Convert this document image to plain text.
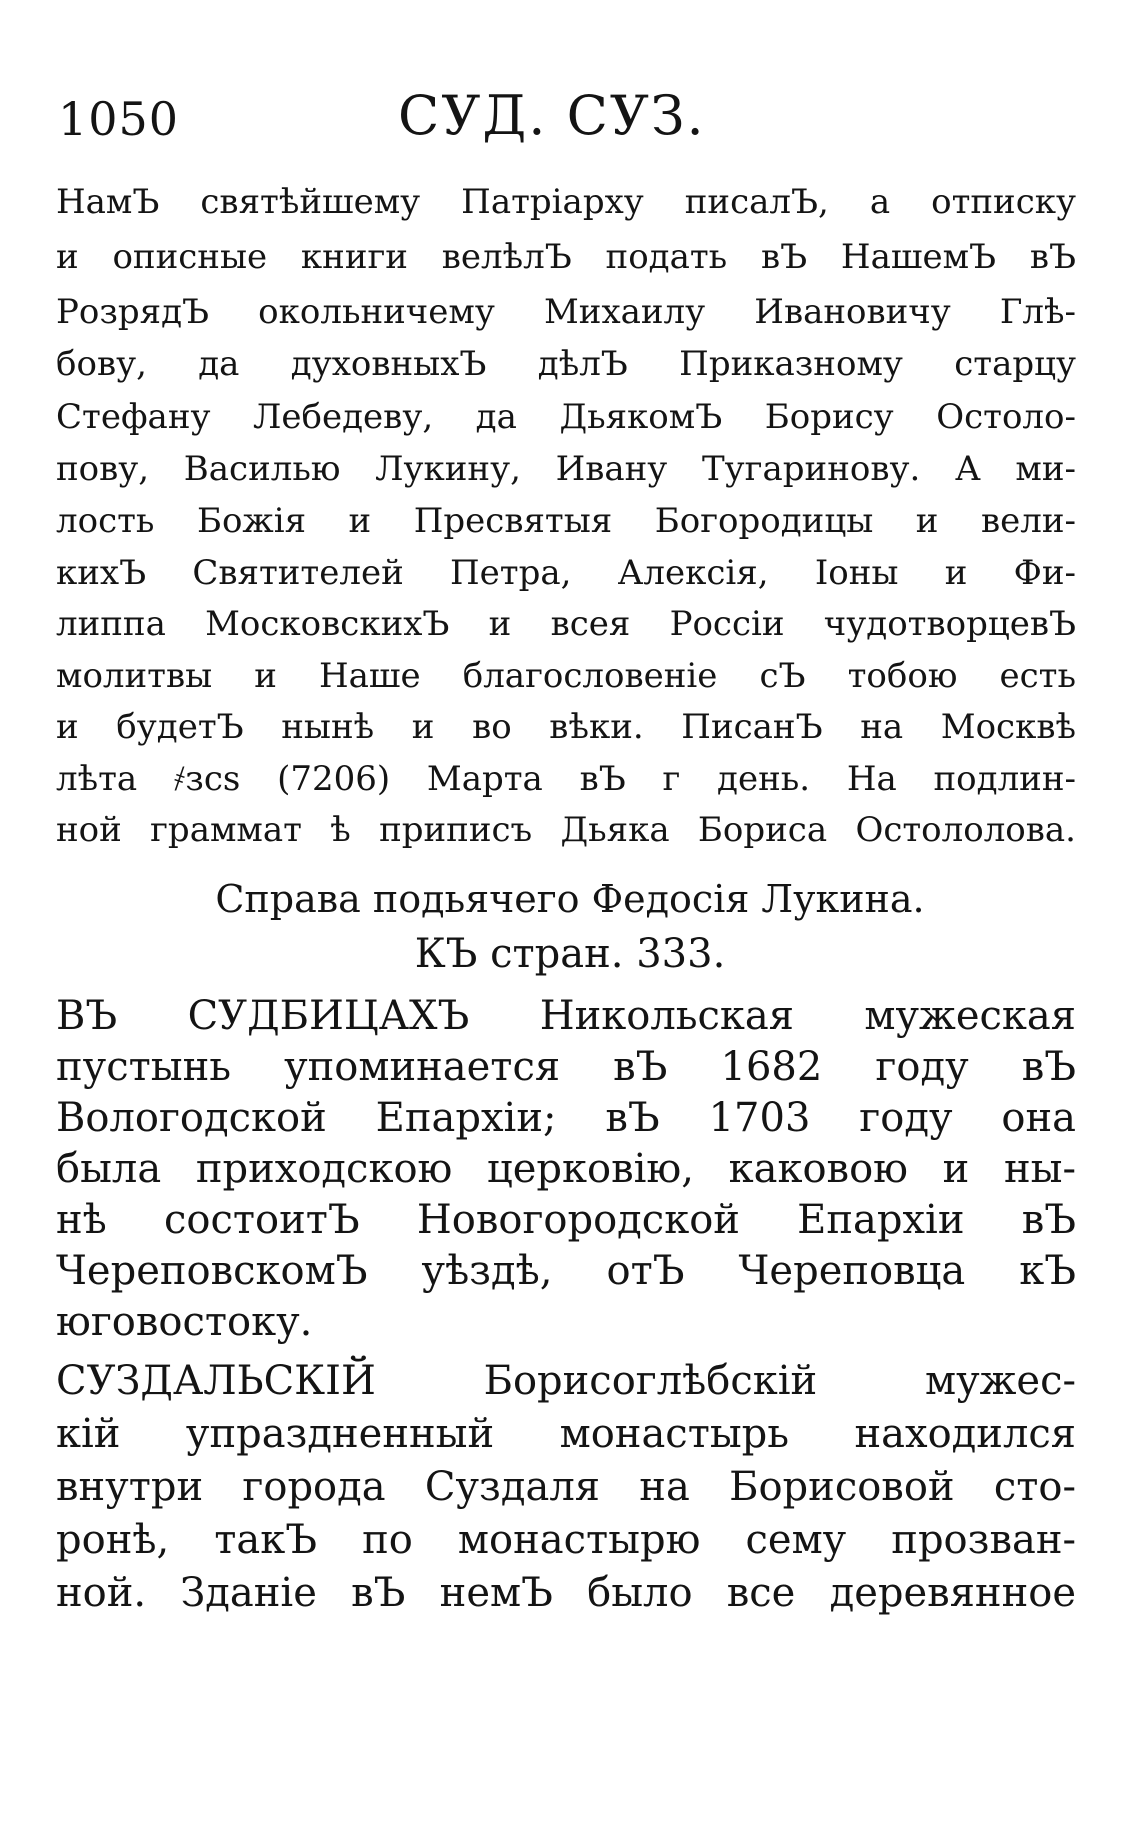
1050	СУД. СУЗ.
НамЪ святѣйшему Патріарху писалЪ, а отписку
и описные книги велѣлЪ подать вЪ НашемЪ вЪ
РозрядЪ окольничему Михаилу Ивановичу Глѣ-
бову, да духовныхЪ дѣлЪ Приказному старцу
Стефану Лебедеву, да ДьякомЪ Борису Остоло-
пову, Василью Лукину, Ивану Тугаринову. А ми-
лость Божія и Пресвятыя Богородицы и вели-
кихЪ Святителей Петра, Алексія, Іоны и Фи-
липпа МосковскихЪ и всея Россіи чудотворцевЪ
молитвы и Наше благословеніе сЪ тобою есть
и будетЪ нынѣ и во вѣки. ПисанЪ на Москвѣ
лѣта ҂зсѕ (7206) Марта вЪ г день. На подлин-
ной граммат ѣ приписъ Дьяка Бориса Остололова.
Справа подьячего Федосія Лукина.
КЪ стран. 333.
ВЪ СУДБИЦАХЪ Никольская мужеская
пустынь упоминается вЪ 1682 году вЪ
Вологодской Епархіи; вЪ 1703 году она
была приходскою церковію, каковою и ны-
нѣ состоитЪ Новогородской Епархіи вЪ
ЧереповскомЪ уѣздѣ, отЪ Череповца кЪ
юговостоку.
СУЗДАЛЬСКІЙ Борисоглѣбскій мужес-
кій упраздненный монастырь находился
внутри города Суздаля на Борисовой сто-
ронѣ, такЪ по монастырю сему прозван-
ной. Зданіе вЪ немЪ было все деревянное
